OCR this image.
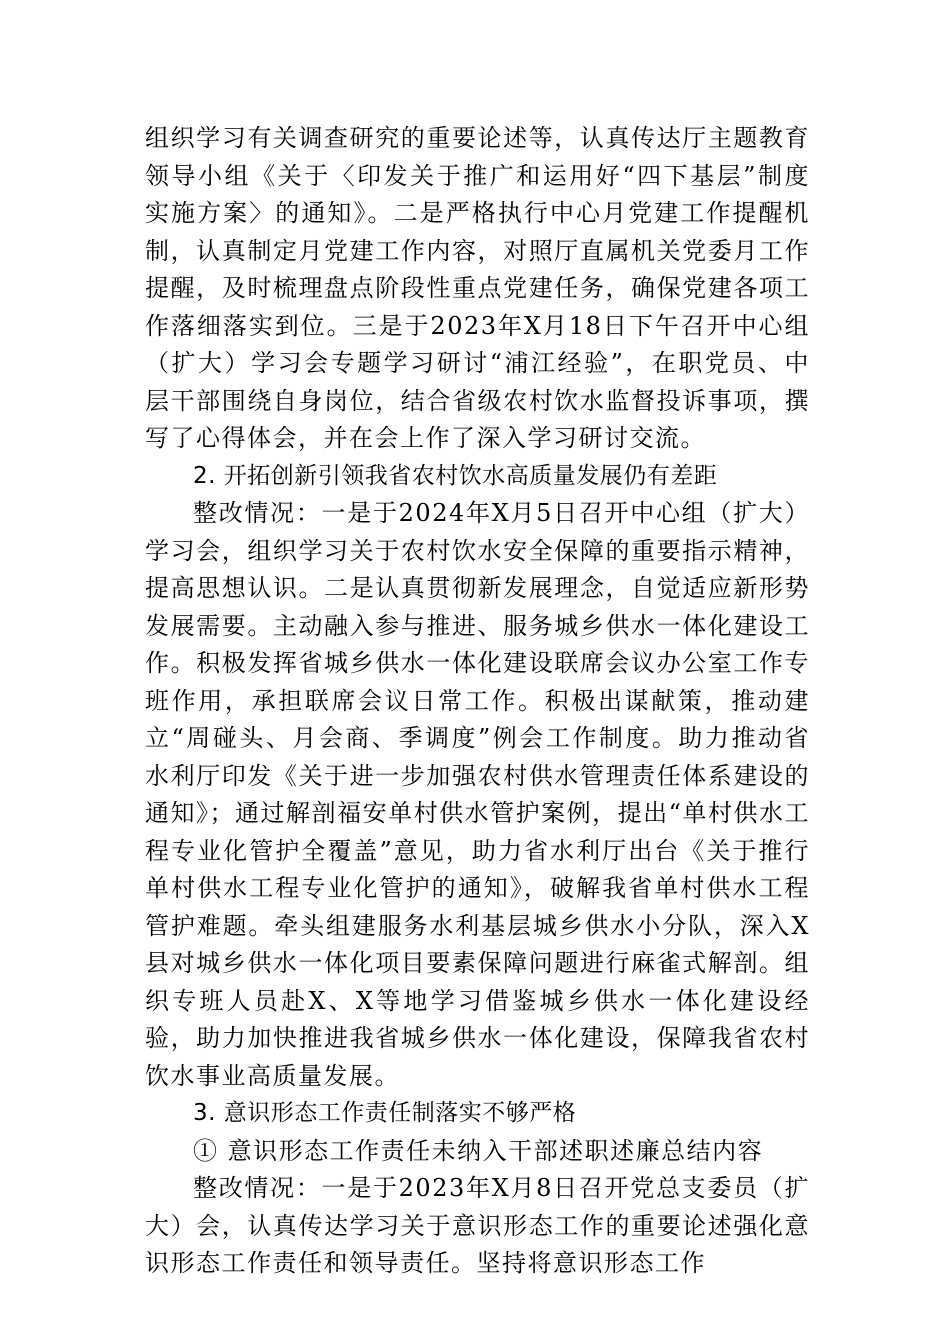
组织学习有关调查研究的重要论述等，认真传达厅主题教育领导小组《关于〈印发关于推广和运用好“四下基层”制度实施方案〉的通知》。二是严格执行中心月党建工作提醒机制，认真制定月党建工作内容，对照厅直属机关党委月工作提醒，及时梳理盘点阶段性重点党建任务，确保党建各项工作落细落实到位。三是于2023年X月18日下午召开中心组（扩大）学习会专题学习研讨“浦江经验”，在职党员、中层干部围绕自身岗位，结合省级农村饮水监督投诉事项，撰写了心得体会，并在会上作了深入学习研讨交流。

2. 开拓创新引领我省农村饮水高质量发展仍有差距

整改情况：一是于2024年X月5日召开中心组（扩大）学习会，组织学习关于农村饮水安全保障的重要指示精神，提高思想认识。二是认真贯彻新发展理念，自觉适应新形势发展需要。主动融入参与推进、服务城乡供水一体化建设工作。积极发挥省城乡供水一体化建设联席会议办公室工作专班作用，承担联席会议日常工作。积极出谋献策，推动建立“周碰头、月会商、季调度”例会工作制度。助力推动省水利厅印发《关于进一步加强农村供水管理责任体系建设的通知》；通过解剖福安单村供水管护案例，提出“单村供水工程专业化管护全覆盖”意见，助力省水利厅出台《关于推行单村供水工程专业化管护的通知》，破解我省单村供水工程管护难题。牵头组建服务水利基层城乡供水小分队，深入X县对城乡供水一体化项目要素保障问题进行麻雀式解剖。组织专班人员赴X、X等地学习借鉴城乡供水一体化建设经验，助力加快推进我省城乡供水一体化建设，保障我省农村饮水事业高质量发展。

3. 意识形态工作责任制落实不够严格

① 意识形态工作责任未纳入干部述职述廉总结内容

整改情况：一是于2023年X月8日召开党总支委员（扩大）会，认真传达学习关于意识形态工作的重要论述强化意识形态工作责任和领导责任。坚持将意识形态工作
